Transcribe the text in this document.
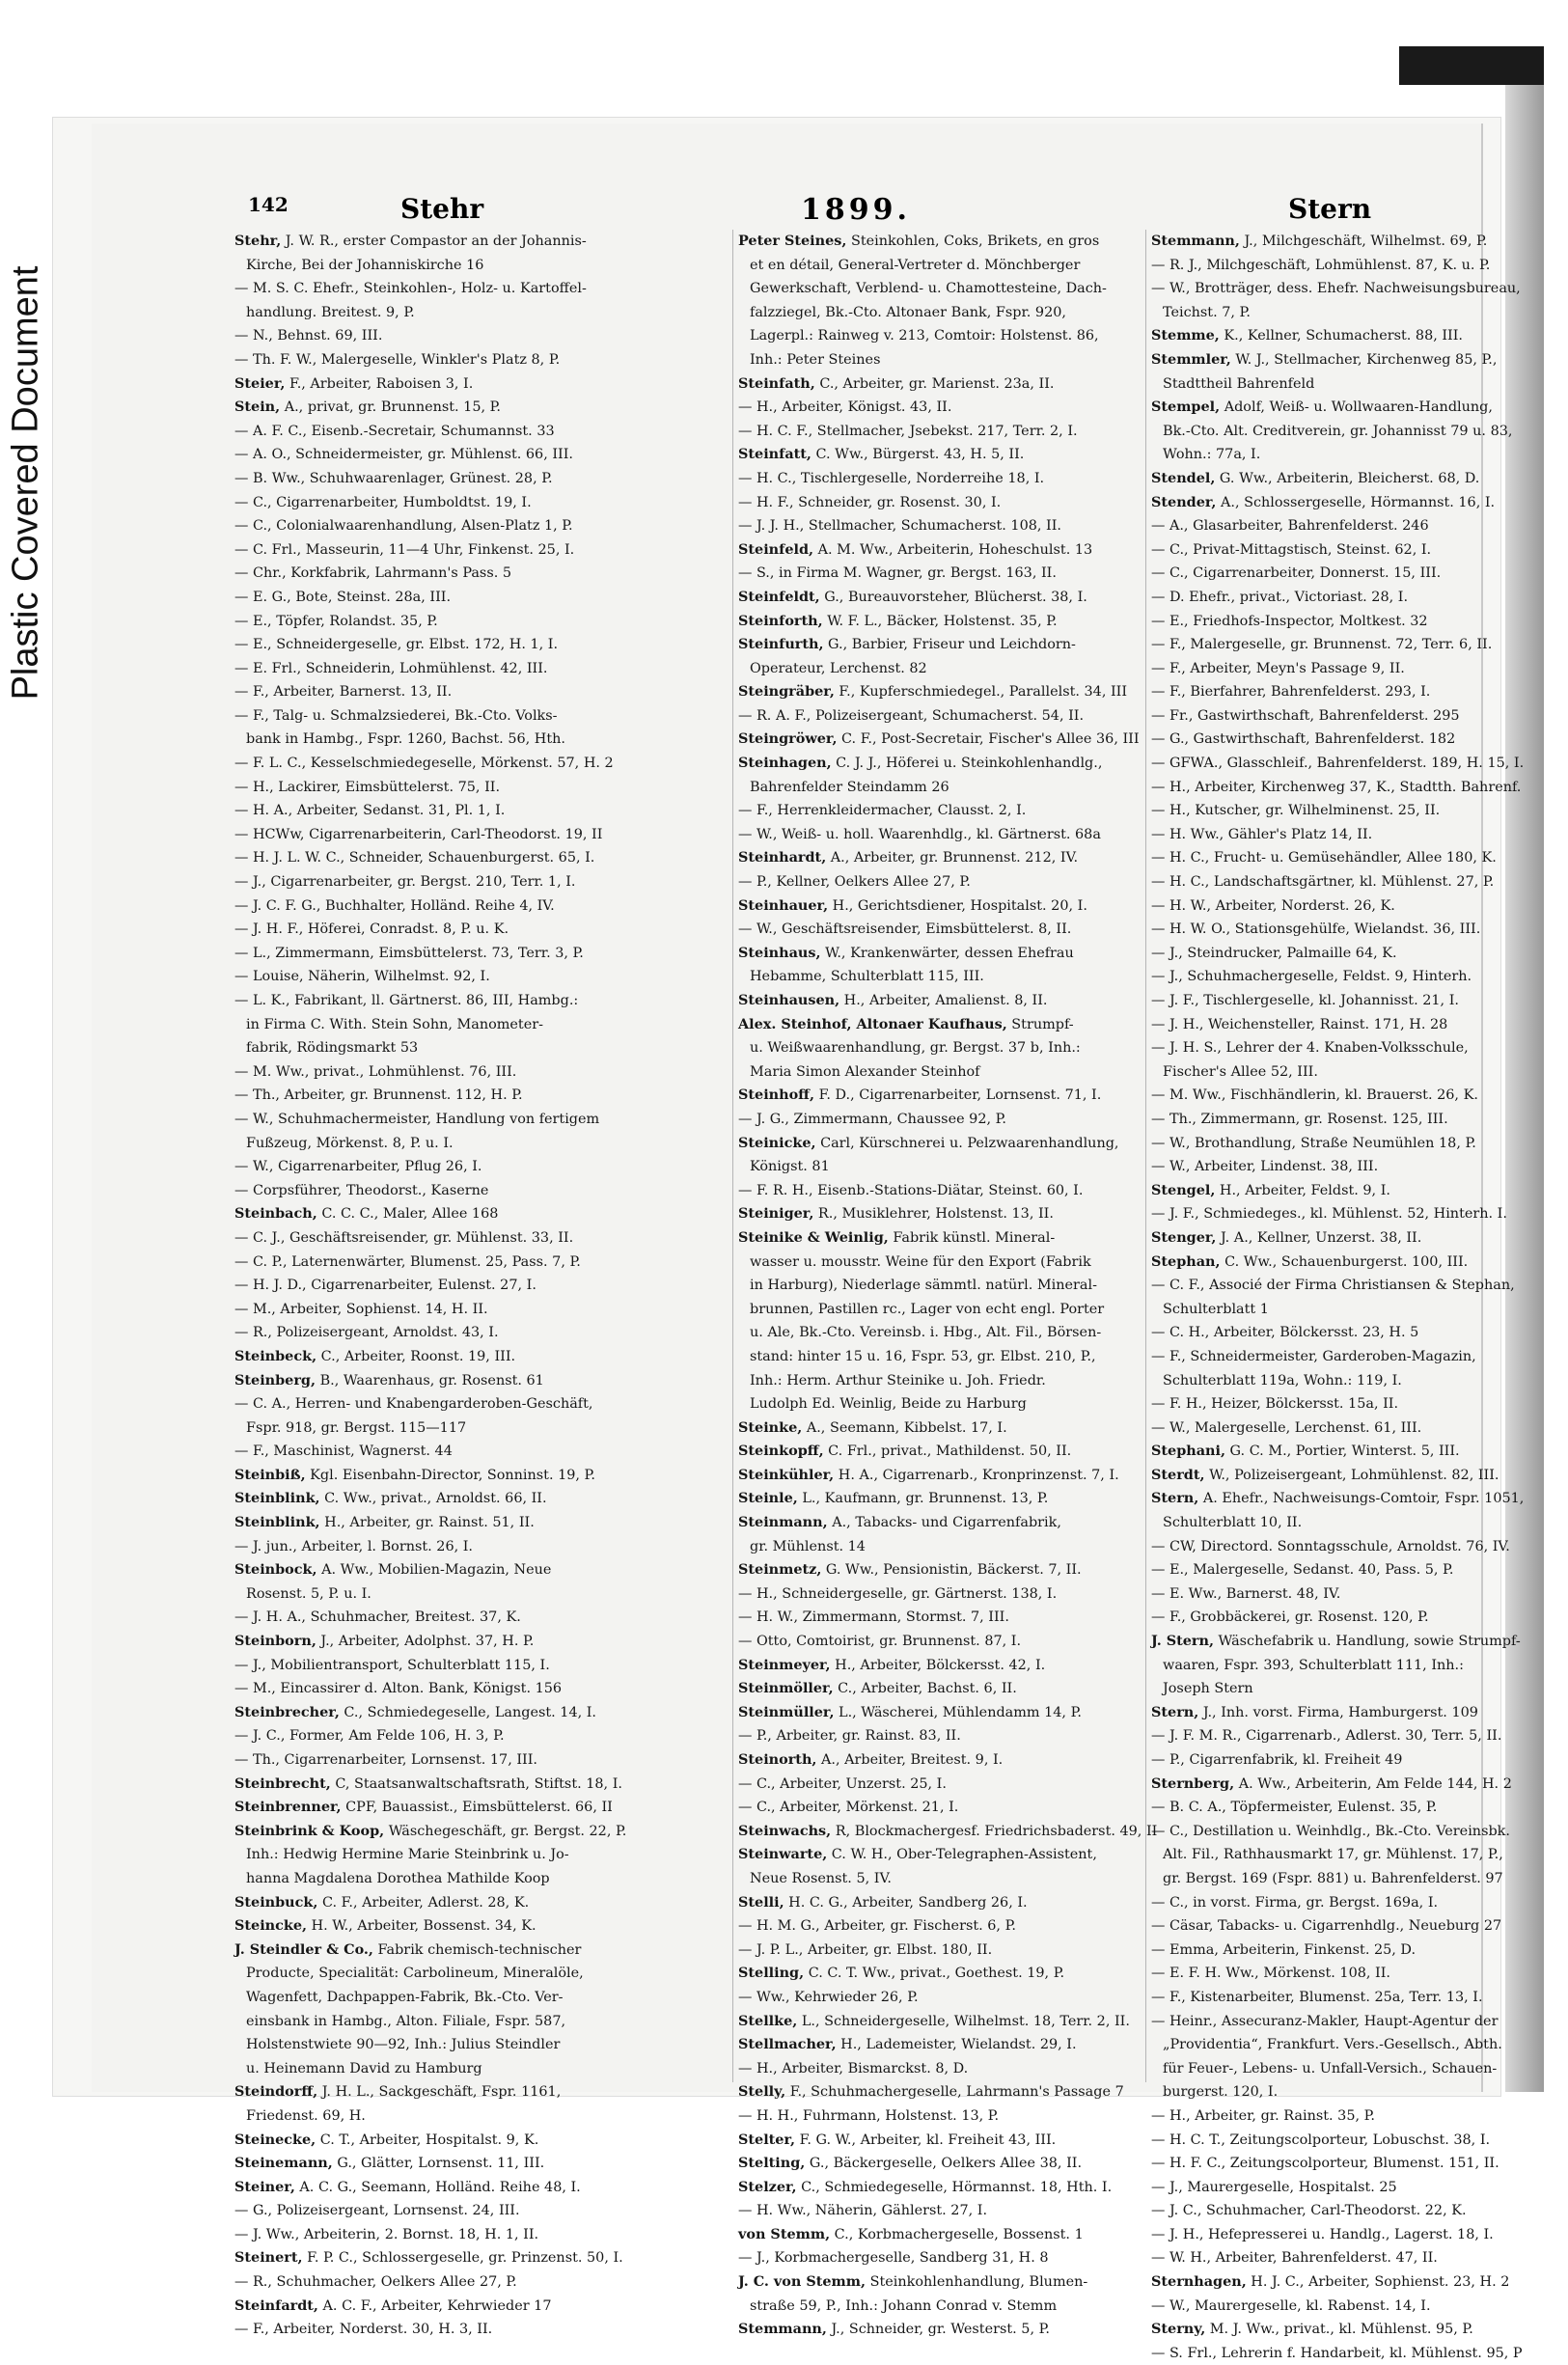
Plastic Covered Document
142	Stehr	1899.	Stern
Stehr, J. W. R., erster Compastor an der Johannis-
Kirche, Bei der Johanniskirche 16
— M. S. C. Ehefr., Steinkohlen-, Holz- u. Kartoffel-
handlung. Breitest. 9, P.
— N., Behnst. 69, III.
— Th. F. W., Malergeselle, Winkler's Platz 8, P.
Steier, F., Arbeiter, Raboisen 3, I.
Stein, A., privat, gr. Brunnenst. 15, P.
— A. F. C., Eisenb.-Secretair, Schumannst. 33
— A. O., Schneidermeister, gr. Mühlenst. 66, III.
— B. Ww., Schuhwaarenlager, Grünest. 28, P.
— C., Cigarrenarbeiter, Humboldtst. 19, I.
— C., Colonialwaarenhandlung, Alsen-Platz 1, P.
— C. Frl., Masseurin, 11—4 Uhr, Finkenst. 25, I.
— Chr., Korkfabrik, Lahrmann's Pass. 5
— E. G., Bote, Steinst. 28a, III.
— E., Töpfer, Rolandst. 35, P.
— E., Schneidergeselle, gr. Elbst. 172, H. 1, I.
— E. Frl., Schneiderin, Lohmühlenst. 42, III.
— F., Arbeiter, Barnerst. 13, II.
— F., Talg- u. Schmalzsiederei, Bk.-Cto. Volks-
bank in Hambg., Fspr. 1260, Bachst. 56, Hth.
— F. L. C., Kesselschmiedegeselle, Mörkenst. 57, H. 2
— H., Lackirer, Eimsbüttelerst. 75, II.
— H. A., Arbeiter, Sedanst. 31, Pl. 1, I.
— HCWw, Cigarrenarbeiterin, Carl-Theodorst. 19, II
— H. J. L. W. C., Schneider, Schauenburgerst. 65, I.
— J., Cigarrenarbeiter, gr. Bergst. 210, Terr. 1, I.
— J. C. F. G., Buchhalter, Holländ. Reihe 4, IV.
— J. H. F., Höferei, Conradst. 8, P. u. K.
— L., Zimmermann, Eimsbüttelerst. 73, Terr. 3, P.
— Louise, Näherin, Wilhelmst. 92, I.
— L. K., Fabrikant, ll. Gärtnerst. 86, III, Hambg.:
in Firma C. With. Stein Sohn, Manometer-
fabrik, Rödingsmarkt 53
— M. Ww., privat., Lohmühlenst. 76, III.
— Th., Arbeiter, gr. Brunnenst. 112, H. P.
— W., Schuhmachermeister, Handlung von fertigem
Fußzeug, Mörkenst. 8, P. u. I.
— W., Cigarrenarbeiter, Pflug 26, I.
— Corpsführer, Theodorst., Kaserne
Steinbach, C. C. C., Maler, Allee 168
— C. J., Geschäftsreisender, gr. Mühlenst. 33, II.
— C. P., Laternenwärter, Blumenst. 25, Pass. 7, P.
— H. J. D., Cigarrenarbeiter, Eulenst. 27, I.
— M., Arbeiter, Sophienst. 14, H. II.
— R., Polizeisergeant, Arnoldst. 43, I.
Steinbeck, C., Arbeiter, Roonst. 19, III.
Steinberg, B., Waarenhaus, gr. Rosenst. 61
— C. A., Herren- und Knabengarderoben-Geschäft,
Fspr. 918, gr. Bergst. 115—117
— F., Maschinist, Wagnerst. 44
Steinbiß, Kgl. Eisenbahn-Director, Sonninst. 19, P.
Steinblink, C. Ww., privat., Arnoldst. 66, II.
Steinblink, H., Arbeiter, gr. Rainst. 51, II.
— J. jun., Arbeiter, l. Bornst. 26, I.
Steinbock, A. Ww., Mobilien-Magazin, Neue
Rosenst. 5, P. u. I.
— J. H. A., Schuhmacher, Breitest. 37, K.
Steinborn, J., Arbeiter, Adolphst. 37, H. P.
— J., Mobilientransport, Schulterblatt 115, I.
— M., Eincassirer d. Alton. Bank, Königst. 156
Steinbrecher, C., Schmiedegeselle, Langest. 14, I.
— J. C., Former, Am Felde 106, H. 3, P.
— Th., Cigarrenarbeiter, Lornsenst. 17, III.
Steinbrecht, C, Staatsanwaltschaftsrath, Stiftst. 18, I.
Steinbrenner, CPF, Bauassist., Eimsbüttelerst. 66, II
Steinbrink & Koop, Wäschegeschäft, gr. Bergst. 22, P.
Inh.: Hedwig Hermine Marie Steinbrink u. Jo-
hanna Magdalena Dorothea Mathilde Koop
Steinbuck, C. F., Arbeiter, Adlerst. 28, K.
Steincke, H. W., Arbeiter, Bossenst. 34, K.
J. Steindler & Co., Fabrik chemisch-technischer
Producte, Specialität: Carbolineum, Mineralöle,
Wagenfett, Dachpappen-Fabrik, Bk.-Cto. Ver-
einsbank in Hambg., Alton. Filiale, Fspr. 587,
Holstenstwiete 90—92, Inh.: Julius Steindler
u. Heinemann David zu Hamburg
Steindorff, J. H. L., Sackgeschäft, Fspr. 1161,
Friedenst. 69, H.
Steinecke, C. T., Arbeiter, Hospitalst. 9, K.
Steinemann, G., Glätter, Lornsenst. 11, III.
Steiner, A. C. G., Seemann, Holländ. Reihe 48, I.
— G., Polizeisergeant, Lornsenst. 24, III.
— J. Ww., Arbeiterin, 2. Bornst. 18, H. 1, II.
Steinert, F. P. C., Schlossergeselle, gr. Prinzenst. 50, I.
— R., Schuhmacher, Oelkers Allee 27, P.
Steinfardt, A. C. F., Arbeiter, Kehrwieder 17
— F., Arbeiter, Norderst. 30, H. 3, II.
Peter Steines, Steinkohlen, Coks, Brikets, en gros
et en détail, General-Vertreter d. Mönchberger
Gewerkschaft, Verblend- u. Chamottesteine, Dach-
falzziegel, Bk.-Cto. Altonaer Bank, Fspr. 920,
Lagerpl.: Rainweg v. 213, Comtoir: Holstenst. 86,
Inh.: Peter Steines
Steinfath, C., Arbeiter, gr. Marienst. 23a, II.
— H., Arbeiter, Königst. 43, II.
— H. C. F., Stellmacher, Jsebekst. 217, Terr. 2, I.
Steinfatt, C. Ww., Bürgerst. 43, H. 5, II.
— H. C., Tischlergeselle, Norderreihe 18, I.
— H. F., Schneider, gr. Rosenst. 30, I.
— J. J. H., Stellmacher, Schumacherst. 108, II.
Steinfeld, A. M. Ww., Arbeiterin, Hoheschulst. 13
— S., in Firma M. Wagner, gr. Bergst. 163, II.
Steinfeldt, G., Bureauvorsteher, Blücherst. 38, I.
Steinforth, W. F. L., Bäcker, Holstenst. 35, P.
Steinfurth, G., Barbier, Friseur und Leichdorn-
Operateur, Lerchenst. 82
Steingräber, F., Kupferschmiedegel., Parallelst. 34, III
— R. A. F., Polizeisergeant, Schumacherst. 54, II.
Steingröwer, C. F., Post-Secretair, Fischer's Allee 36, III
Steinhagen, C. J. J., Höferei u. Steinkohlenhandlg.,
Bahrenfelder Steindamm 26
— F., Herrenkleidermacher, Clausst. 2, I.
— W., Weiß- u. holl. Waarenhdlg., kl. Gärtnerst. 68a
Steinhardt, A., Arbeiter, gr. Brunnenst. 212, IV.
— P., Kellner, Oelkers Allee 27, P.
Steinhauer, H., Gerichtsdiener, Hospitalst. 20, I.
— W., Geschäftsreisender, Eimsbüttelerst. 8, II.
Steinhaus, W., Krankenwärter, dessen Ehefrau
Hebamme, Schulterblatt 115, III.
Steinhausen, H., Arbeiter, Amalienst. 8, II.
Alex. Steinhof, Altonaer Kaufhaus, Strumpf-
u. Weißwaarenhandlung, gr. Bergst. 37 b, Inh.:
Maria Simon Alexander Steinhof
Steinhoff, F. D., Cigarrenarbeiter, Lornsenst. 71, I.
— J. G., Zimmermann, Chaussee 92, P.
Steinicke, Carl, Kürschnerei u. Pelzwaarenhandlung,
Königst. 81
— F. R. H., Eisenb.-Stations-Diätar, Steinst. 60, I.
Steiniger, R., Musiklehrer, Holstenst. 13, II.
Steinike & Weinlig, Fabrik künstl. Mineral-
wasser u. mousstr. Weine für den Export (Fabrik
in Harburg), Niederlage sämmtl. natürl. Mineral-
brunnen, Pastillen rc., Lager von echt engl. Porter
u. Ale, Bk.-Cto. Vereinsb. i. Hbg., Alt. Fil., Börsen-
stand: hinter 15 u. 16, Fspr. 53, gr. Elbst. 210, P.,
Inh.: Herm. Arthur Steinike u. Joh. Friedr.
Ludolph Ed. Weinlig, Beide zu Harburg
Steinke, A., Seemann, Kibbelst. 17, I.
Steinkopff, C. Frl., privat., Mathildenst. 50, II.
Steinkühler, H. A., Cigarrenarb., Kronprinzenst. 7, I.
Steinle, L., Kaufmann, gr. Brunnenst. 13, P.
Steinmann, A., Tabacks- und Cigarrenfabrik,
gr. Mühlenst. 14
Steinmetz, G. Ww., Pensionistin, Bäckerst. 7, II.
— H., Schneidergeselle, gr. Gärtnerst. 138, I.
— H. W., Zimmermann, Stormst. 7, III.
— Otto, Comtoirist, gr. Brunnenst. 87, I.
Steinmeyer, H., Arbeiter, Bölckersst. 42, I.
Steinmöller, C., Arbeiter, Bachst. 6, II.
Steinmüller, L., Wäscherei, Mühlendamm 14, P.
— P., Arbeiter, gr. Rainst. 83, II.
Steinorth, A., Arbeiter, Breitest. 9, I.
— C., Arbeiter, Unzerst. 25, I.
— C., Arbeiter, Mörkenst. 21, I.
Steinwachs, R, Blockmachergesf. Friedrichsbaderst. 49, II
Steinwarte, C. W. H., Ober-Telegraphen-Assistent,
Neue Rosenst. 5, IV.
Stelli, H. C. G., Arbeiter, Sandberg 26, I.
— H. M. G., Arbeiter, gr. Fischerst. 6, P.
— J. P. L., Arbeiter, gr. Elbst. 180, II.
Stelling, C. C. T. Ww., privat., Goethest. 19, P.
— Ww., Kehrwieder 26, P.
Stellke, L., Schneidergeselle, Wilhelmst. 18, Terr. 2, II.
Stellmacher, H., Lademeister, Wielandst. 29, I.
— H., Arbeiter, Bismarckst. 8, D.
Stelly, F., Schuhmachergeselle, Lahrmann's Passage 7
— H. H., Fuhrmann, Holstenst. 13, P.
Stelter, F. G. W., Arbeiter, kl. Freiheit 43, III.
Stelting, G., Bäckergeselle, Oelkers Allee 38, II.
Stelzer, C., Schmiedegeselle, Hörmannst. 18, Hth. I.
— H. Ww., Näherin, Gählerst. 27, I.
von Stemm, C., Korbmachergeselle, Bossenst. 1
— J., Korbmachergeselle, Sandberg 31, H. 8
J. C. von Stemm, Steinkohlenhandlung, Blumen-
straße 59, P., Inh.: Johann Conrad v. Stemm
Stemmann, J., Schneider, gr. Westerst. 5, P.
Stemmann, J., Milchgeschäft, Wilhelmst. 69, P.
— R. J., Milchgeschäft, Lohmühlenst. 87, K. u. P.
— W., Brotträger, dess. Ehefr. Nachweisungsbureau,
Teichst. 7, P.
Stemme, K., Kellner, Schumacherst. 88, III.
Stemmler, W. J., Stellmacher, Kirchenweg 85, P.,
Stadttheil Bahrenfeld
Stempel, Adolf, Weiß- u. Wollwaaren-Handlung,
Bk.-Cto. Alt. Creditverein, gr. Johannisst 79 u. 83,
Wohn.: 77a, I.
Stendel, G. Ww., Arbeiterin, Bleicherst. 68, D.
Stender, A., Schlossergeselle, Hörmannst. 16, I.
— A., Glasarbeiter, Bahrenfelderst. 246
— C., Privat-Mittagstisch, Steinst. 62, I.
— C., Cigarrenarbeiter, Donnerst. 15, III.
— D. Ehefr., privat., Victoriast. 28, I.
— E., Friedhofs-Inspector, Moltkest. 32
— F., Malergeselle, gr. Brunnenst. 72, Terr. 6, II.
— F., Arbeiter, Meyn's Passage 9, II.
— F., Bierfahrer, Bahrenfelderst. 293, I.
— Fr., Gastwirthschaft, Bahrenfelderst. 295
— G., Gastwirthschaft, Bahrenfelderst. 182
— GFWA., Glasschleif., Bahrenfelderst. 189, H. 15, I.
— H., Arbeiter, Kirchenweg 37, K., Stadtth. Bahrenf.
— H., Kutscher, gr. Wilhelminenst. 25, II.
— H. Ww., Gähler's Platz 14, II.
— H. C., Frucht- u. Gemüsehändler, Allee 180, K.
— H. C., Landschaftsgärtner, kl. Mühlenst. 27, P.
— H. W., Arbeiter, Norderst. 26, K.
— H. W. O., Stationsgehülfe, Wielandst. 36, III.
— J., Steindrucker, Palmaille 64, K.
— J., Schuhmachergeselle, Feldst. 9, Hinterh.
— J. F., Tischlergeselle, kl. Johannisst. 21, I.
— J. H., Weichensteller, Rainst. 171, H. 28
— J. H. S., Lehrer der 4. Knaben-Volksschule,
Fischer's Allee 52, III.
— M. Ww., Fischhändlerin, kl. Brauerst. 26, K.
— Th., Zimmermann, gr. Rosenst. 125, III.
— W., Brothandlung, Straße Neumühlen 18, P.
— W., Arbeiter, Lindenst. 38, III.
Stengel, H., Arbeiter, Feldst. 9, I.
— J. F., Schmiedeges., kl. Mühlenst. 52, Hinterh. I.
Stenger, J. A., Kellner, Unzerst. 38, II.
Stephan, C. Ww., Schauenburgerst. 100, III.
— C. F., Associé der Firma Christiansen & Stephan,
Schulterblatt 1
— C. H., Arbeiter, Bölckersst. 23, H. 5
— F., Schneidermeister, Garderoben-Magazin,
Schulterblatt 119a, Wohn.: 119, I.
— F. H., Heizer, Bölckersst. 15a, II.
— W., Malergeselle, Lerchenst. 61, III.
Stephani, G. C. M., Portier, Winterst. 5, III.
Sterdt, W., Polizeisergeant, Lohmühlenst. 82, III.
Stern, A. Ehefr., Nachweisungs-Comtoir, Fspr. 1051,
Schulterblatt 10, II.
— CW, Directord. Sonntagsschule, Arnoldst. 76, IV.
— E., Malergeselle, Sedanst. 40, Pass. 5, P.
— E. Ww., Barnerst. 48, IV.
— F., Grobbäckerei, gr. Rosenst. 120, P.
J. Stern, Wäschefabrik u. Handlung, sowie Strumpf-
waaren, Fspr. 393, Schulterblatt 111, Inh.:
Joseph Stern
Stern, J., Inh. vorst. Firma, Hamburgerst. 109
— J. F. M. R., Cigarrenarb., Adlerst. 30, Terr. 5, II.
— P., Cigarrenfabrik, kl. Freiheit 49
Sternberg, A. Ww., Arbeiterin, Am Felde 144, H. 2
— B. C. A., Töpfermeister, Eulenst. 35, P.
— C., Destillation u. Weinhdlg., Bk.-Cto. Vereinsbk.
Alt. Fil., Rathhausmarkt 17, gr. Mühlenst. 17, P.,
gr. Bergst. 169 (Fspr. 881) u. Bahrenfelderst. 97
— C., in vorst. Firma, gr. Bergst. 169a, I.
— Cäsar, Tabacks- u. Cigarrenhdlg., Neueburg 27
— Emma, Arbeiterin, Finkenst. 25, D.
— E. F. H. Ww., Mörkenst. 108, II.
— F., Kistenarbeiter, Blumenst. 25a, Terr. 13, I.
— Heinr., Assecuranz-Makler, Haupt-Agentur der
„Providentia“, Frankfurt. Vers.-Gesellsch., Abth.
für Feuer-, Lebens- u. Unfall-Versich., Schauen-
burgerst. 120, I.
— H., Arbeiter, gr. Rainst. 35, P.
— H. C. T., Zeitungscolporteur, Lobuschst. 38, I.
— H. F. C., Zeitungscolporteur, Blumenst. 151, II.
— J., Maurergeselle, Hospitalst. 25
— J. C., Schuhmacher, Carl-Theodorst. 22, K.
— J. H., Hefepresserei u. Handlg., Lagerst. 18, I.
— W. H., Arbeiter, Bahrenfelderst. 47, II.
Sternhagen, H. J. C., Arbeiter, Sophienst. 23, H. 2
— W., Maurergeselle, kl. Rabenst. 14, I.
Sterny, M. J. Ww., privat., kl. Mühlenst. 95, P.
— S. Frl., Lehrerin f. Handarbeit, kl. Mühlenst. 95, P
